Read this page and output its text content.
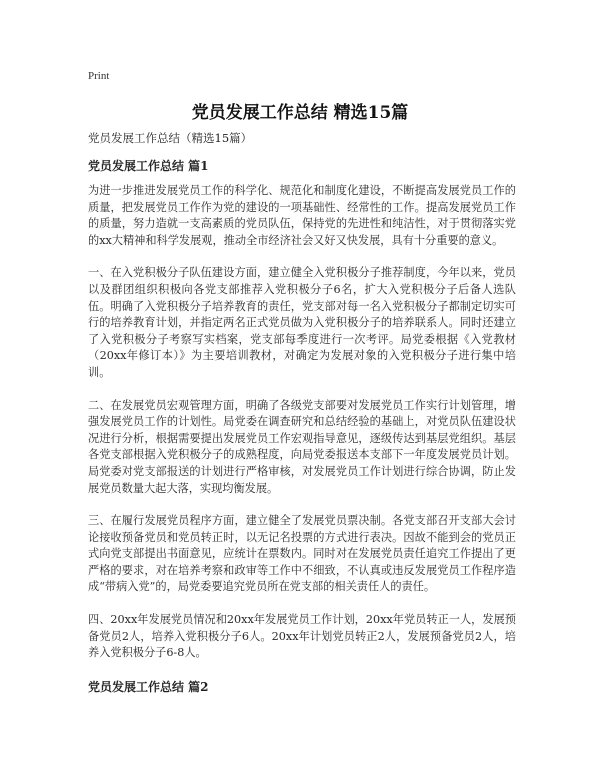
Print
党员发展工作总结 精选15篇

党员发展工作总结（精选15篇）

党员发展工作总结 篇1

为进一步推进发展党员工作的科学化、规范化和制度化建设，不断提高发展党员工作的质量，把发展党员工作作为党的建设的一项基础性、经常性的工作。提高发展党员工作的质量，努力造就一支高素质的党员队伍，保持党的先进性和纯洁性，对于贯彻落实党的xx大精神和科学发展观，推动全市经济社会又好又快发展，具有十分重要的意义。

一、在入党积极分子队伍建设方面，建立健全入党积极分子推荐制度，今年以来，党员以及群团组织积极向各党支部推荐入党积极分子6名，扩大入党积极分子后备人选队伍。明确了入党积极分子培养教育的责任，党支部对每一名入党积极分子都制定切实可行的培养教育计划，并指定两名正式党员做为入党积极分子的培养联系人。同时还建立了入党积极分子考察写实档案，党支部每季度进行一次考评。局党委根据《入党教材（20xx年修订本）》为主要培训教材，对确定为发展对象的入党积极分子进行集中培训。

二、在发展党员宏观管理方面，明确了各级党支部要对发展党员工作实行计划管理，增强发展党员工作的计划性。局党委在调查研究和总结经验的基础上，对党员队伍建设状况进行分析，根据需要提出发展党员工作宏观指导意见，逐级传达到基层党组织。基层各党支部根据入党积极分子的成熟程度，向局党委报送本支部下一年度发展党员计划。局党委对党支部报送的计划进行严格审核，对发展党员工作计划进行综合协调，防止发展党员数量大起大落，实现均衡发展。

三、在履行发展党员程序方面，建立健全了发展党员票决制。各党支部召开支部大会讨论接收预备党员和党员转正时，以无记名投票的方式进行表决。因故不能到会的党员正式向党支部提出书面意见，应统计在票数内。同时对在发展党员责任追究工作提出了更严格的要求，对在培养考察和政审等工作中不细致，不认真或违反发展党员工作程序造成“带病入党”的，局党委要追究党员所在党支部的相关责任人的责任。

四、20xx年发展党员情况和20xx年发展党员工作计划，20xx年党员转正一人，发展预备党员2人，培养入党积极分子6人。20xx年计划党员转正2人，发展预备党员2人，培养入党积极分子6-8人。

党员发展工作总结 篇2
